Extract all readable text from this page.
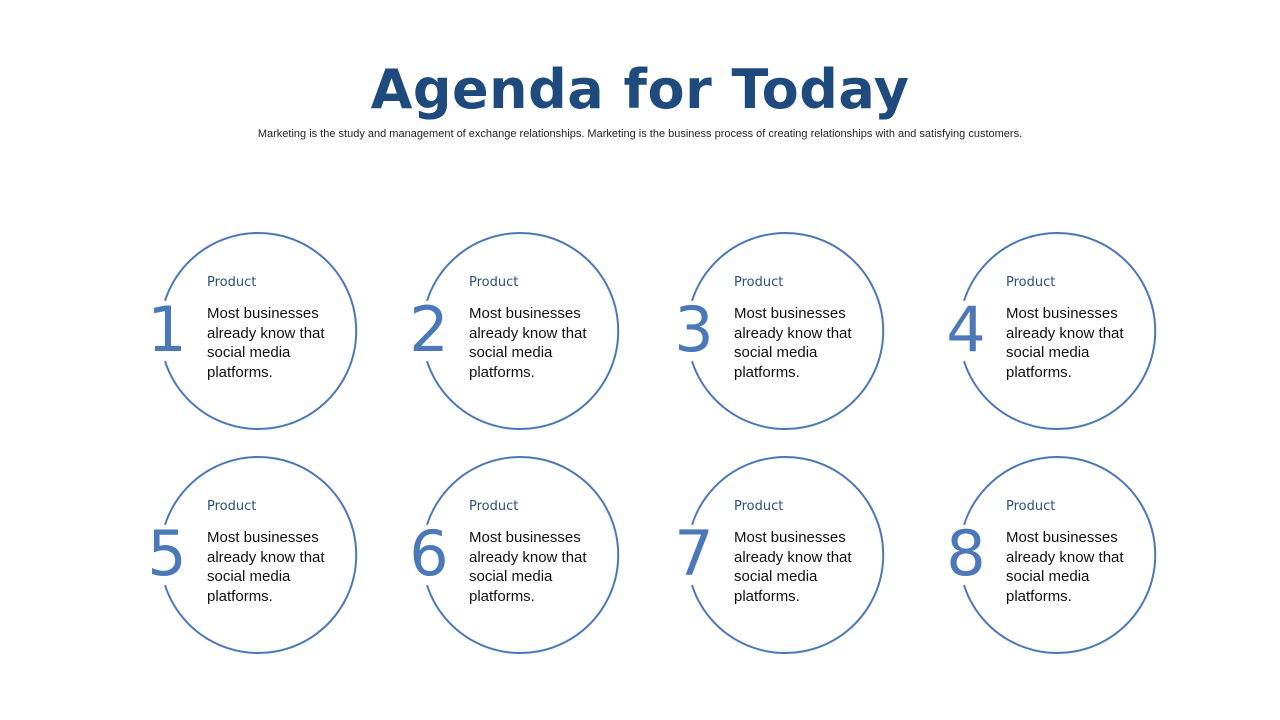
Agenda for Today
Marketing is the study and management of exchange relationships. Marketing is the business process of creating relationships with and satisfying customers.
1
Product
Most businesses already know that social media platforms.
2
Product
Most businesses already know that social media platforms.
3
Product
Most businesses already know that social media platforms.
4
Product
Most businesses already know that social media platforms.
5
Product
Most businesses already know that social media platforms.
6
Product
Most businesses already know that social media platforms.
7
Product
Most businesses already know that social media platforms.
8
Product
Most businesses already know that social media platforms.
